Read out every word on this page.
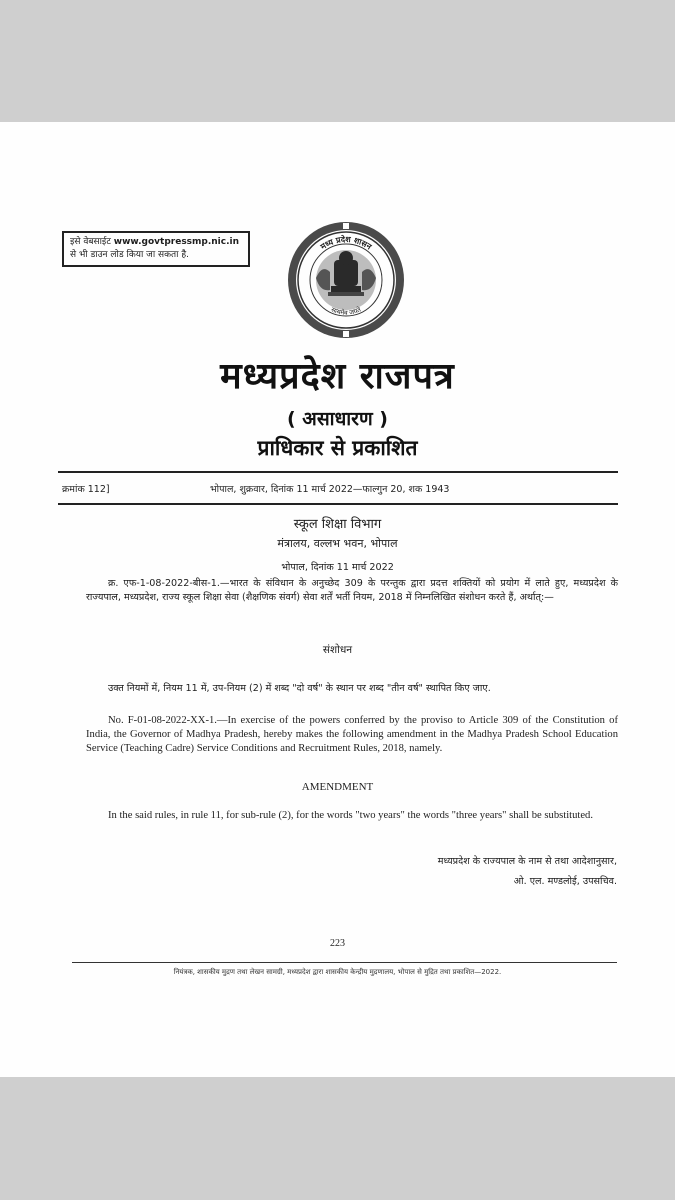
इसे वेबसाईट www.govtpressmp.nic.in
से भी डाउन लोड किया जा सकता है.
मध्य प्रदेश शासन
सत्यमेव जयते
मध्यप्रदेश राजपत्र
( असाधारण )
प्राधिकार से प्रकाशित
क्रमांक 112]	भोपाल, शुक्रवार, दिनांक 11 मार्च 2022—फाल्गुन 20, शक 1943
स्कूल शिक्षा विभाग
मंत्रालय, वल्लभ भवन, भोपाल
भोपाल, दिनांक 11 मार्च 2022
क्र. एफ-1-08-2022-बीस-1.—भारत के संविधान के अनुच्छेद 309 के परन्तुक द्वारा प्रदत्त शक्तियों को प्रयोग में लाते हुए, मध्यप्रदेश के राज्यपाल, मध्यप्रदेश, राज्य स्कूल शिक्षा सेवा (शैक्षणिक संवर्ग) सेवा शर्तें भर्ती नियम, 2018 में निम्नलिखित संशोधन करते हैं, अर्थात्:—
संशोधन
उक्त नियमों में, नियम 11 में, उप-नियम (2) में शब्द "दो वर्ष" के स्थान पर शब्द "तीन वर्ष" स्थापित किए जाए.
No. F-01-08-2022-XX-1.—In exercise of the powers conferred by the proviso to Article 309 of the Constitution of India, the Governor of Madhya Pradesh, hereby makes the following amendment in the Madhya Pradesh School Education Service (Teaching Cadre) Service Conditions and Recruitment Rules, 2018, namely.
AMENDMENT
In the said rules, in rule 11, for sub-rule (2), for the words "two years" the words "three years" shall be substituted.
मध्यप्रदेश के राज्यपाल के नाम से तथा आदेशानुसार,
ओ. एल. मण्डलोई, उपसचिव.
223
नियंत्रक, शासकीय मुद्रण तथा लेखन सामग्री, मध्यप्रदेश द्वारा शासकीय केन्द्रीय मुद्रणालय, भोपाल से मुद्रित तथा प्रकाशित—2022.
